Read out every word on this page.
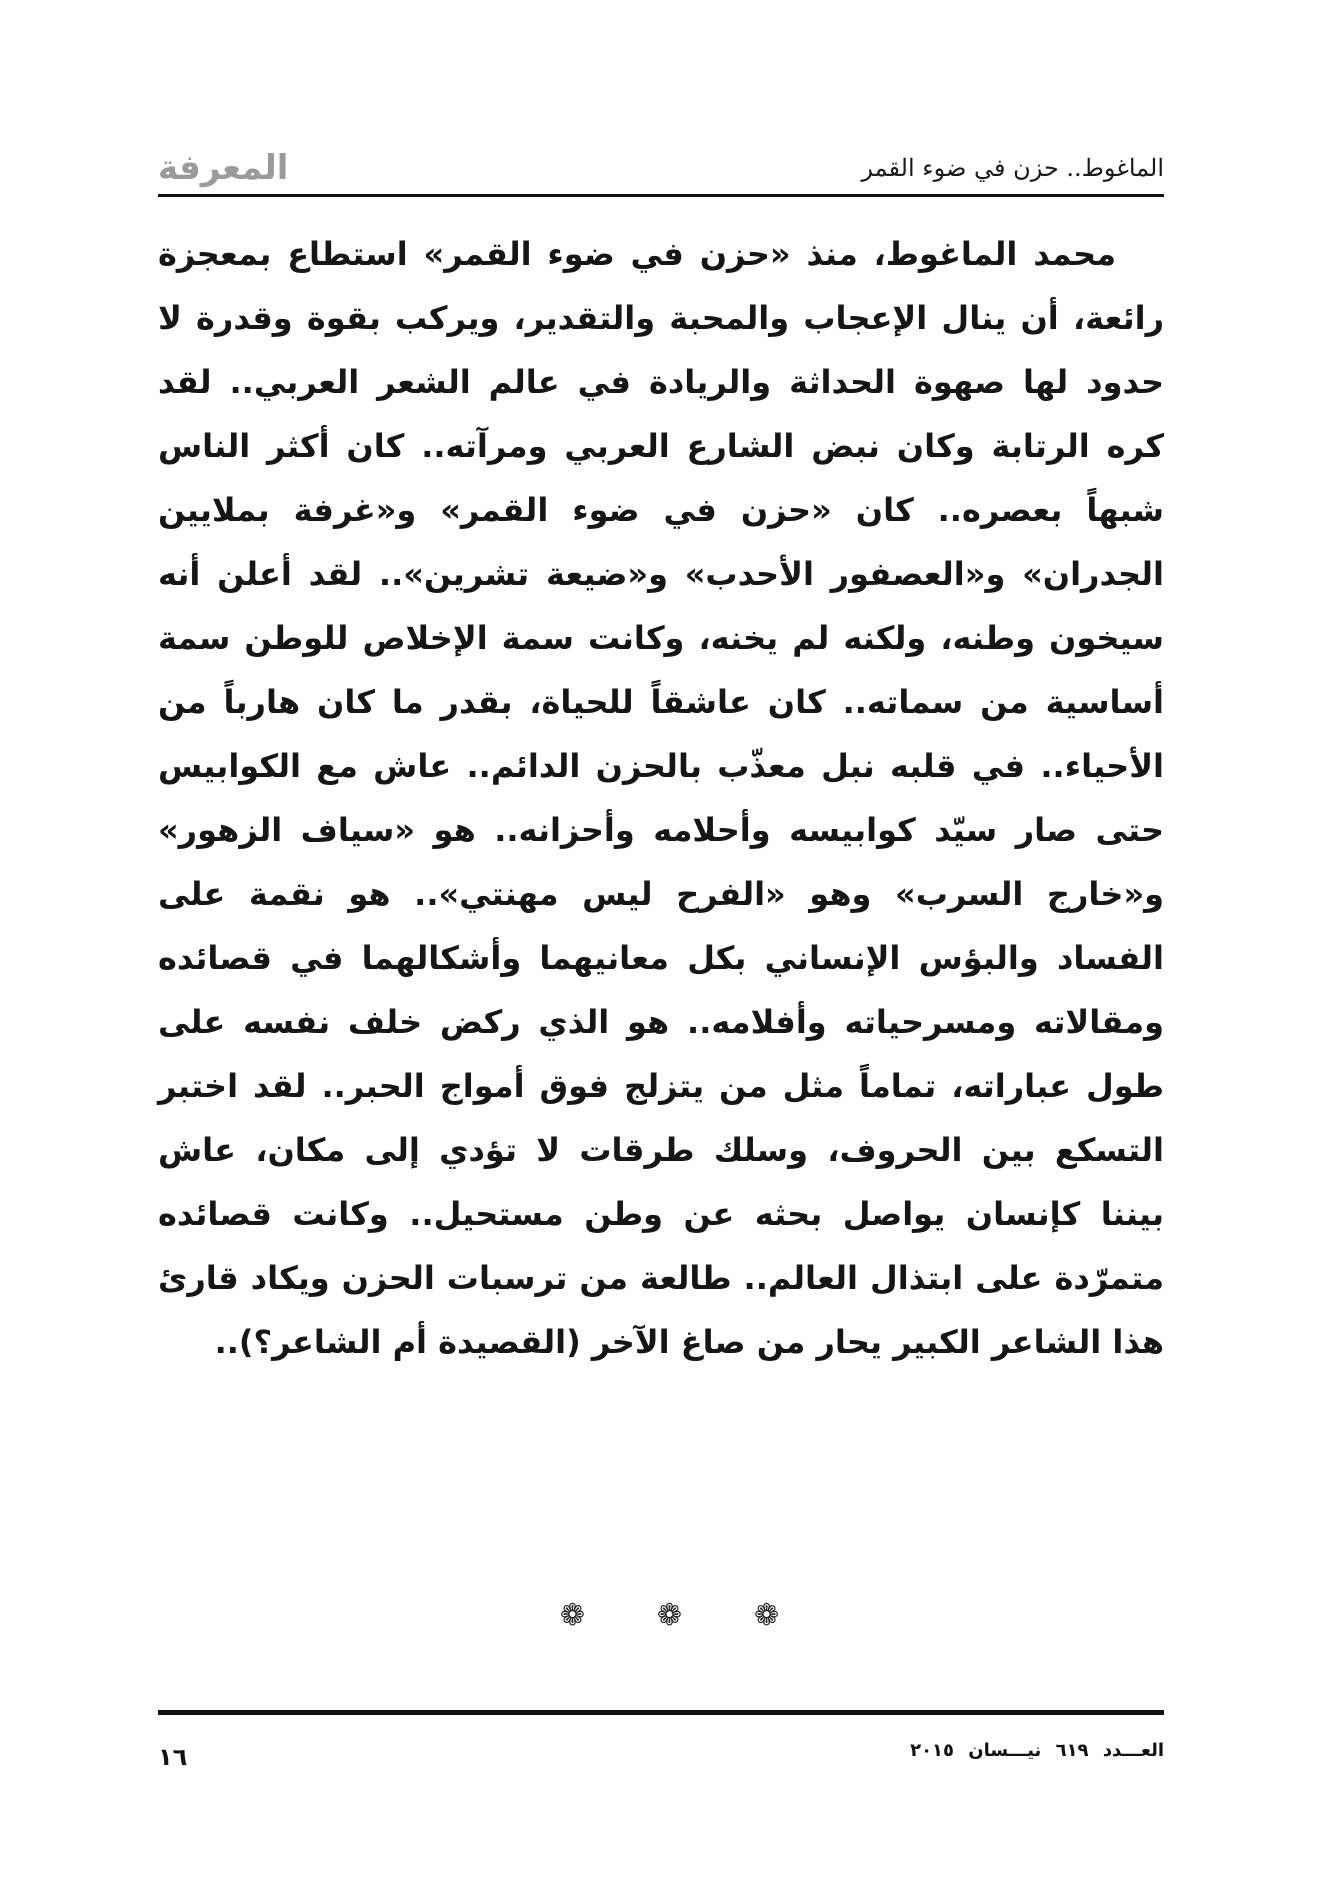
المعرفة	الماغوط.. حزن في ضوء القمر

محمد الماغوط، منذ «حزن في ضوء القمر» استطاع بمعجزة رائعة، أن ينال الإعجاب والمحبة والتقدير، ويركب بقوة وقدرة لا حدود لها صهوة الحداثة والريادة في عالم الشعر العربي.. لقد كره الرتابة وكان نبض الشارع العربي ومرآته.. كان أكثر الناس شبهاً بعصره.. كان «حزن في ضوء القمر» و«غرفة بملايين الجدران» و«العصفور الأحدب» و«ضيعة تشرين».. لقد أعلن أنه سيخون وطنه، ولكنه لم يخنه، وكانت سمة الإخلاص للوطن سمة أساسية من سماته.. كان عاشقاً للحياة، بقدر ما كان هارباً من الأحياء.. في قلبه نبل معذّب بالحزن الدائم.. عاش مع الكوابيس حتى صار سيّد كوابيسه وأحلامه وأحزانه.. هو «سياف الزهور» و«خارج السرب» وهو «الفرح ليس مهنتي».. هو نقمة على الفساد والبؤس الإنساني بكل معانيهما وأشكالهما في قصائده ومقالاته ومسرحياته وأفلامه.. هو الذي ركض خلف نفسه على طول عباراته، تماماً مثل من يتزلج فوق أمواج الحبر.. لقد اختبر التسكع بين الحروف، وسلك طرقات لا تؤدي إلى مكان، عاش بيننا كإنسان يواصل بحثه عن وطن مستحيل.. وكانت قصائده متمرّدة على ابتذال العالم.. طالعة من ترسبات الحزن ويكاد قارئ هذا الشاعر الكبير يحار من صاغ الآخر (القصيدة أم الشاعر؟)..

❁ ❁ ❁
١٦	العـــدد ٦١٩ نيـــسان ٢٠١٥
